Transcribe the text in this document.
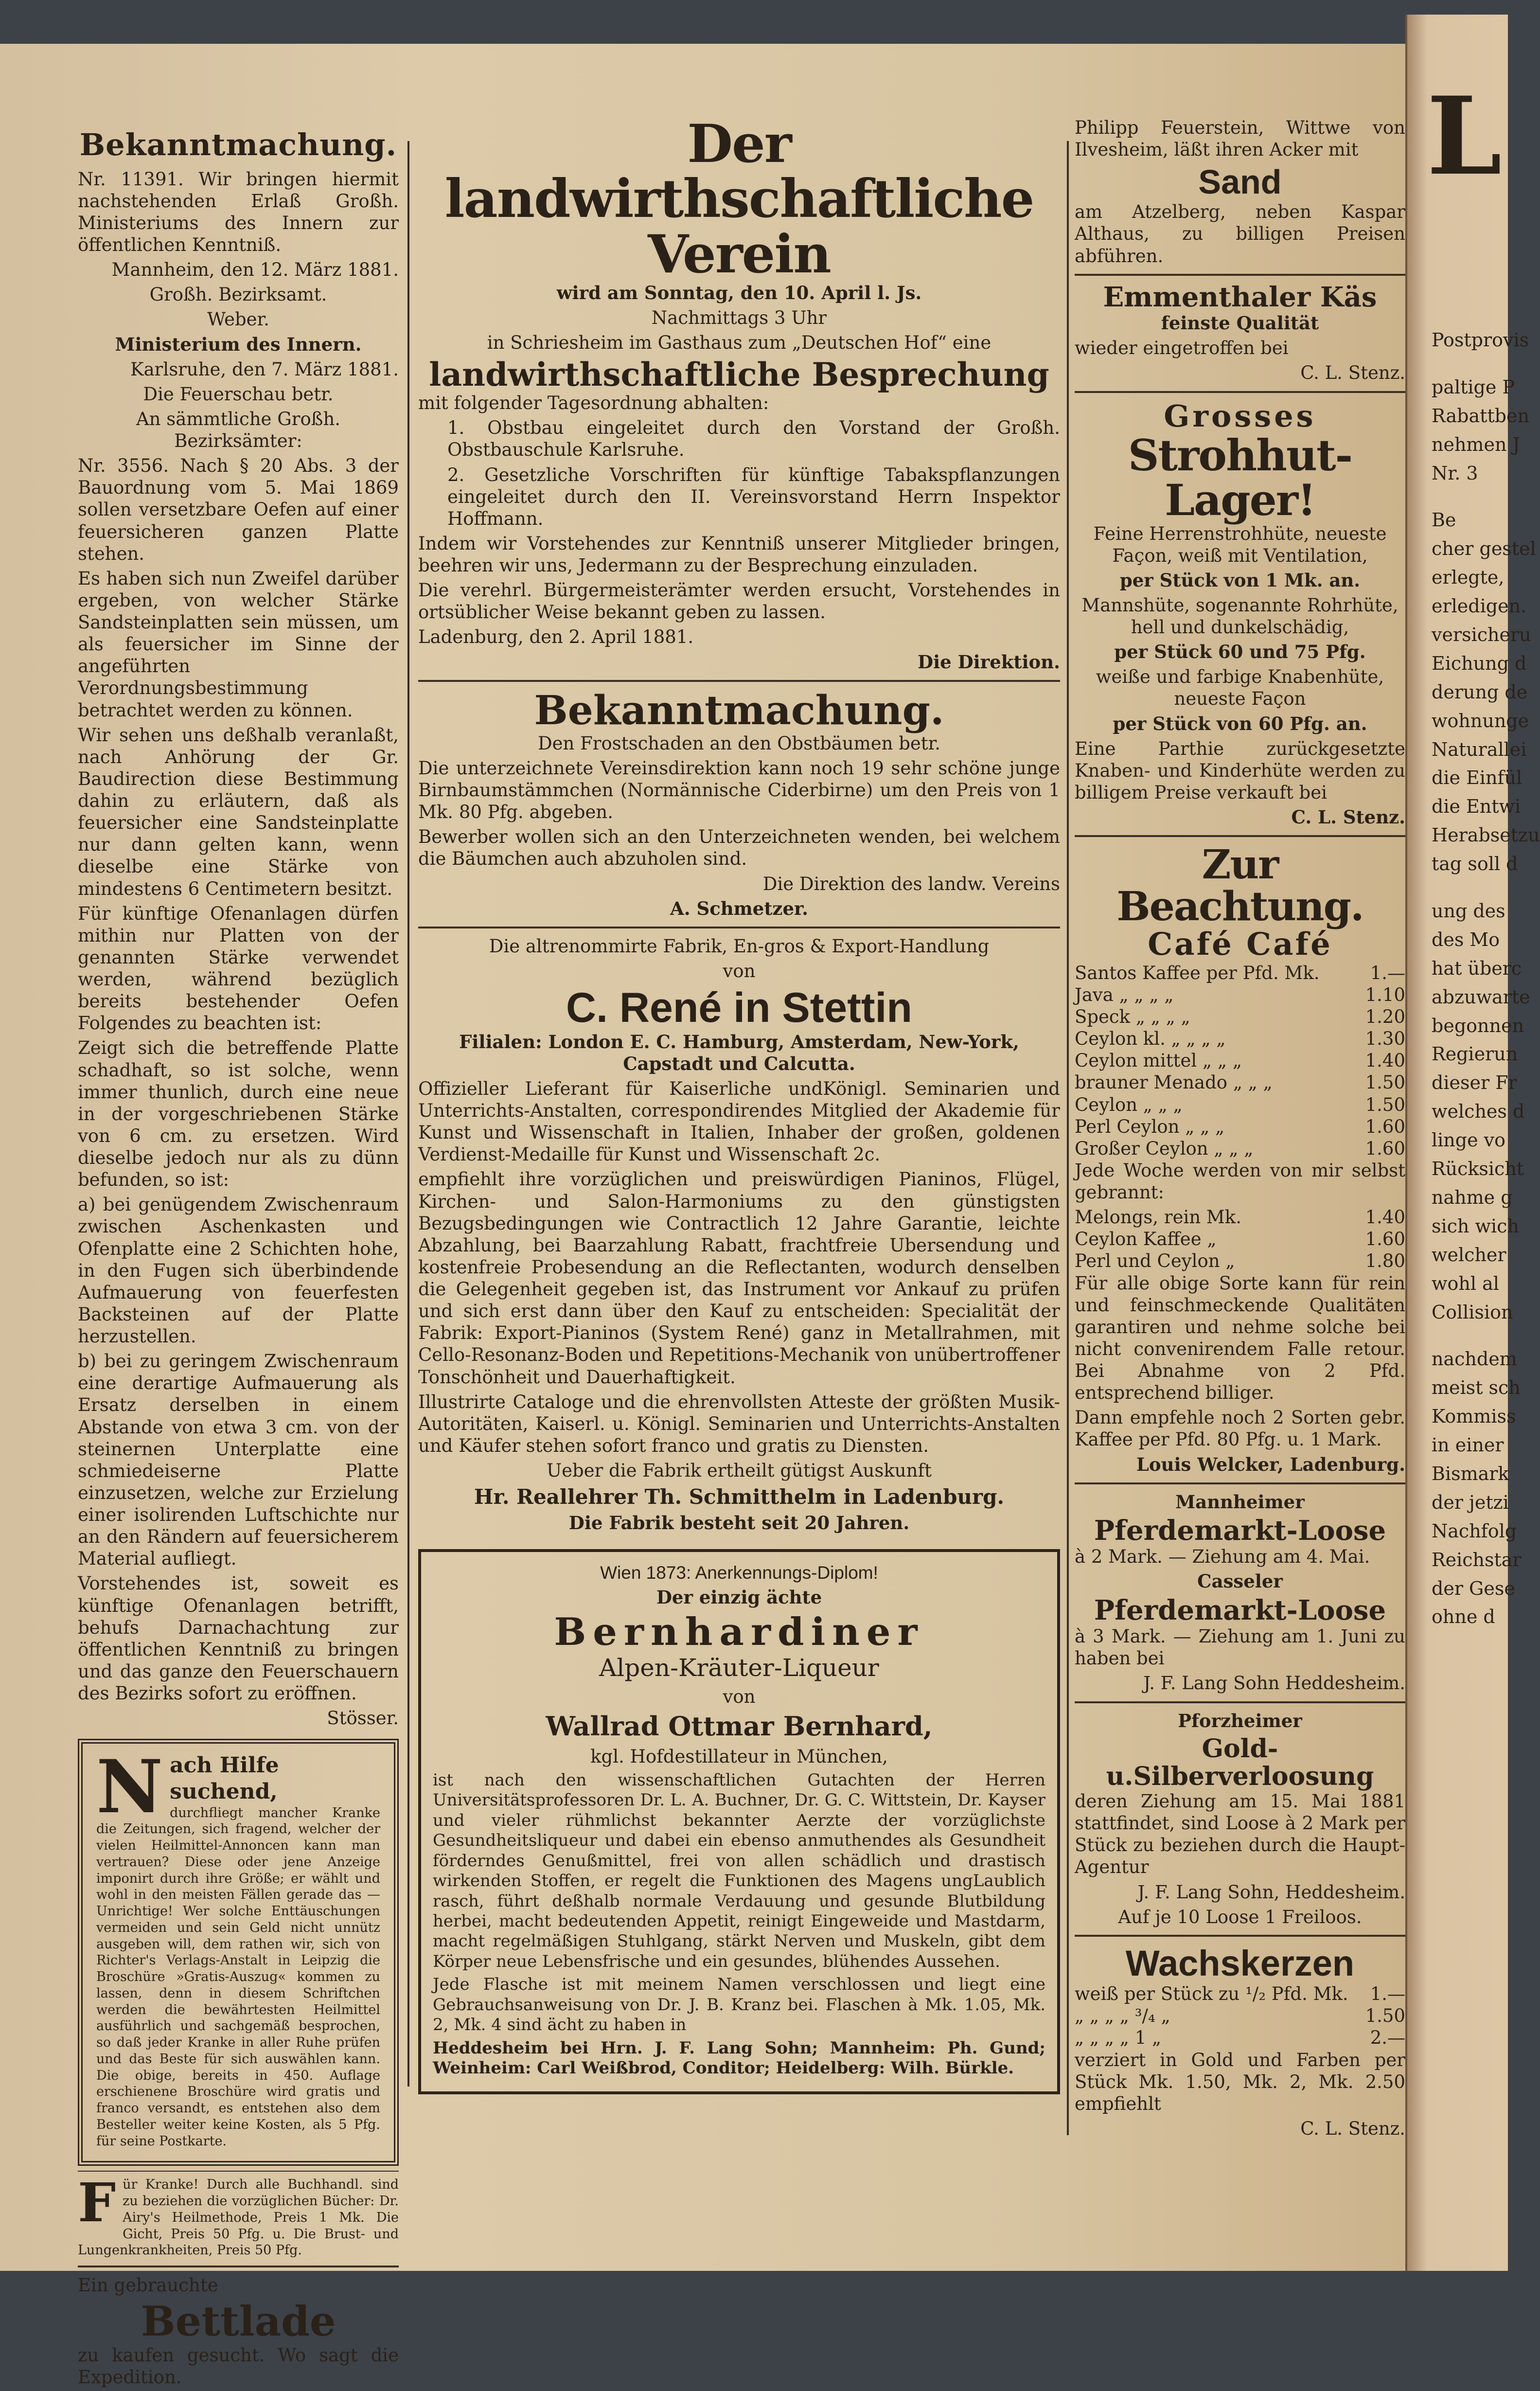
Bekanntmachung.

Nr. 11391. Wir bringen hiermit nachstehenden Erlaß Großh. Ministeriums des Innern zur öffentlichen Kenntniß.

Mannheim, den 12. März 1881.

Großh. Bezirksamt.

Weber.

Ministerium des Innern.

Karlsruhe, den 7. März 1881.

Die Feuerschau betr.

An sämmtliche Großh. Bezirksämter:

Nr. 3556. Nach § 20 Abs. 3 der Bauordnung vom 5. Mai 1869 sollen versetzbare Oefen auf einer feuersicheren ganzen Platte stehen.

Es haben sich nun Zweifel darüber ergeben, von welcher Stärke Sandsteinplatten sein müssen, um als feuersicher im Sinne der angeführten Verordnungsbestimmung betrachtet werden zu können.

Wir sehen uns deßhalb veranlaßt, nach Anhörung der Gr. Baudirection diese Bestimmung dahin zu erläutern, daß als feuersicher eine Sandsteinplatte nur dann gelten kann, wenn dieselbe eine Stärke von mindestens 6 Centimetern besitzt.

Für künftige Ofenanlagen dürfen mithin nur Platten von der genannten Stärke verwendet werden, während bezüglich bereits bestehender Oefen Folgendes zu beachten ist:

Zeigt sich die betreffende Platte schadhaft, so ist solche, wenn immer thunlich, durch eine neue in der vorgeschriebenen Stärke von 6 cm. zu ersetzen. Wird dieselbe jedoch nur als zu dünn befunden, so ist:

a) bei genügendem Zwischenraum zwischen Aschenkasten und Ofenplatte eine 2 Schichten hohe, in den Fugen sich überbindende Aufmauerung von feuerfesten Backsteinen auf der Platte herzustellen.

b) bei zu geringem Zwischenraum eine derartige Aufmauerung als Ersatz derselben in einem Abstande von etwa 3 cm. von der steinernen Unterplatte eine schmiedeiserne Platte einzusetzen, welche zur Erzielung einer isolirenden Luftschichte nur an den Rändern auf feuersicherem Material aufliegt.

Vorstehendes ist, soweit es künftige Ofenanlagen betrifft, behufs Darnachachtung zur öffentlichen Kenntniß zu bringen und das ganze den Feuerschauern des Bezirks sofort zu eröffnen.

Stösser.

N ach Hilfe suchend,

durchfliegt mancher Kranke die Zeitungen, sich fragend, welcher der vielen Heilmittel-Annoncen kann man vertrauen? Diese oder jene Anzeige imponirt durch ihre Größe; er wählt und wohl in den meisten Fällen gerade das — Unrichtige! Wer solche Enttäuschungen vermeiden und sein Geld nicht unnütz ausgeben will, dem rathen wir, sich von Richter's Verlags-Anstalt in Leipzig die Broschüre »Gratis-Auszug« kommen zu lassen, denn in diesem Schriftchen werden die bewährtesten Heilmittel ausführlich und sachgemäß besprochen, so daß jeder Kranke in aller Ruhe prüfen und das Beste für sich auswählen kann. Die obige, bereits in 450. Auflage erschienene Broschüre wird gratis und franco versandt, es entstehen also dem Besteller weiter keine Kosten, als 5 Pfg. für seine Postkarte.

F ür Kranke! Durch alle Buchhandl. sind zu beziehen die vorzüglichen Bücher: Dr. Airy's Heilmethode, Preis 1 Mk. Die Gicht, Preis 50 Pfg. u. Die Brust- und Lungenkrankheiten, Preis 50 Pfg.

Ein gebrauchte

Bettlade

zu kaufen gesucht. Wo sagt die Expedition.

Der landwirthschaftliche Verein

wird am Sonntag, den 10. April l. Js.

Nachmittags 3 Uhr

in Schriesheim im Gasthaus zum „Deutschen Hof“ eine

landwirthschaftliche Besprechung

mit folgender Tagesordnung abhalten:

1. Obstbau eingeleitet durch den Vorstand der Großh. Obstbauschule Karlsruhe.

2. Gesetzliche Vorschriften für künftige Tabakspflanzungen eingeleitet durch den II. Vereinsvorstand Herrn Inspektor Hoffmann.

Indem wir Vorstehendes zur Kenntniß unserer Mitglieder bringen, beehren wir uns, Jedermann zu der Besprechung einzuladen.

Die verehrl. Bürgermeisterämter werden ersucht, Vorstehendes in ortsüblicher Weise bekannt geben zu lassen.

Ladenburg, den 2. April 1881.

Die Direktion.

Bekanntmachung.

Den Frostschaden an den Obstbäumen betr.

Die unterzeichnete Vereinsdirektion kann noch 19 sehr schöne junge Birnbaumstämmchen (Normännische Ciderbirne) um den Preis von 1 Mk. 80 Pfg. abgeben.

Bewerber wollen sich an den Unterzeichneten wenden, bei welchem die Bäumchen auch abzuholen sind.

Die Direktion des landw. Vereins

A. Schmetzer.

Die altrenommirte Fabrik, En-gros & Export-Handlung

von

C. René in Stettin

Filialen: London E. C. Hamburg, Amsterdam, New-York, Capstadt und Calcutta.

Offizieller Lieferant für Kaiserliche undKönigl. Seminarien und Unterrichts-Anstalten, correspondirendes Mitglied der Akademie für Kunst und Wissenschaft in Italien, Inhaber der großen, goldenen Verdienst-Medaille für Kunst und Wissenschaft 2c.

empfiehlt ihre vorzüglichen und preiswürdigen Pianinos, Flügel, Kirchen- und Salon-Harmoniums zu den günstigsten Bezugsbedingungen wie Contractlich 12 Jahre Garantie, leichte Abzahlung, bei Baarzahlung Rabatt, frachtfreie Ubersendung und kostenfreie Probesendung an die Reflectanten, wodurch denselben die Gelegenheit gegeben ist, das Instrument vor Ankauf zu prüfen und sich erst dann über den Kauf zu entscheiden: Specialität der Fabrik: Export-Pianinos (System René) ganz in Metallrahmen, mit Cello-Resonanz-Boden und Repetitions-Mechanik von unübertroffener Tonschönheit und Dauerhaftigkeit.

Illustrirte Cataloge und die ehrenvollsten Atteste der größten Musik-Autoritäten, Kaiserl. u. Königl. Seminarien und Unterrichts-Anstalten und Käufer stehen sofort franco und gratis zu Diensten.

Ueber die Fabrik ertheilt gütigst Auskunft

Hr. Reallehrer Th. Schmitthelm in Ladenburg.

Die Fabrik besteht seit 20 Jahren.

Wien 1873: Anerkennungs-Diplom!

Der einzig ächte

Bernhardiner

Alpen-Kräuter-Liqueur

von

Wallrad Ottmar Bernhard,

kgl. Hofdestillateur in München,

ist nach den wissenschaftlichen Gutachten der Herren Universitätsprofessoren Dr. L. A. Buchner, Dr. G. C. Wittstein, Dr. Kayser und vieler rühmlichst bekannter Aerzte der vorzüglichste Gesundheitsliqueur und dabei ein ebenso anmuthendes als Gesundheit förderndes Genußmittel, frei von allen schädlich und drastisch wirkenden Stoffen, er regelt die Funktionen des Magens ungLaublich rasch, führt deßhalb normale Verdauung und gesunde Blutbildung herbei, macht bedeutenden Appetit, reinigt Eingeweide und Mastdarm, macht regelmäßigen Stuhlgang, stärkt Nerven und Muskeln, gibt dem Körper neue Lebensfrische und ein gesundes, blühendes Aussehen.

Jede Flasche ist mit meinem Namen verschlossen und liegt eine Gebrauchsanweisung von Dr. J. B. Kranz bei. Flaschen à Mk. 1.05, Mk. 2, Mk. 4 sind ächt zu haben in

Heddesheim bei Hrn. J. F. Lang Sohn; Mannheim: Ph. Gund; Weinheim: Carl Weißbrod, Conditor; Heidelberg: Wilh. Bürkle.

Philipp Feuerstein, Wittwe von Ilvesheim, läßt ihren Acker mit

Sand

am Atzelberg, neben Kaspar Althaus, zu billigen Preisen abführen.

Emmenthaler Käs

feinste Qualität

wieder eingetroffen bei

C. L. Stenz.

Grosses
Strohhut-Lager!

Feine Herrenstrohhüte, neueste Façon, weiß mit Ventilation,

per Stück von 1 Mk. an.

Mannshüte, sogenannte Rohrhüte, hell und dunkelschädig,

per Stück 60 und 75 Pfg.

weiße und farbige Knabenhüte, neueste Façon

per Stück von 60 Pfg. an.

Eine Parthie zurückgesetzte Knaben- und Kinderhüte werden zu billigem Preise verkauft bei

C. L. Stenz.

Zur Beachtung.
Café Café
Santos Kaffee per Pfd. Mk.	1.—
Java „ „ „ „	1.10
Speck „ „ „ „	1.20
Ceylon kl. „ „ „ „	1.30
Ceylon mittel „ „ „	1.40
brauner Menado „ „ „	1.50
Ceylon „ „ „	1.50
Perl Ceylon „ „ „	1.60
Großer Ceylon „ „ „	1.60

Jede Woche werden von mir selbst gebrannt:

Melongs, rein Mk.	1.40
Ceylon Kaffee „	1.60
Perl und Ceylon „	1.80

Für alle obige Sorte kann für rein und feinschmeckende Qualitäten garantiren und nehme solche bei nicht convenirendem Falle retour. Bei Abnahme von 2 Pfd. entsprechend billiger.

Dann empfehle noch 2 Sorten gebr. Kaffee per Pfd. 80 Pfg. u. 1 Mark.

Louis Welcker, Ladenburg.

Mannheimer

Pferdemarkt-Loose

à 2 Mark. — Ziehung am 4. Mai.

Casseler

Pferdemarkt-Loose

à 3 Mark. — Ziehung am 1. Juni zu haben bei

J. F. Lang Sohn Heddesheim.

Pforzheimer

Gold-u.Silberverloosung

deren Ziehung am 15. Mai 1881 stattfindet, sind Loose à 2 Mark per Stück zu beziehen durch die Haupt-Agentur

J. F. Lang Sohn, Heddesheim.

Auf je 10 Loose 1 Freiloos.

Wachskerzen
weiß per Stück zu ¹/₂ Pfd. Mk. 1.—
„ „ „ „ ³/₄ „	1.50
„ „ „ „ 1 „	2.—

verziert in Gold und Farben per Stück Mk. 1.50, Mk. 2, Mk. 2.50 empfiehlt

C. L. Stenz.

L
Postprovis
paltige P
Rabattben
nehmen J
Nr. 3
Be
cher gestel
erlegte,
erledigen.
versicheru
Eichung d
derung de
wohnunge
Naturallei
die Einfül
die Entwi
Herabsetzu
tag soll d
ung des
des Mo
hat überc
abzuwarte
begonnen
Regierun
dieser Fr
welches d
linge vo
Rücksicht
nahme g
sich wich
welcher
wohl al
Collision
nachdem
meist sch
Kommiss
in einer
Bismark
der jetzi
Nachfolg
Reichstar
der Gese
ohne d
